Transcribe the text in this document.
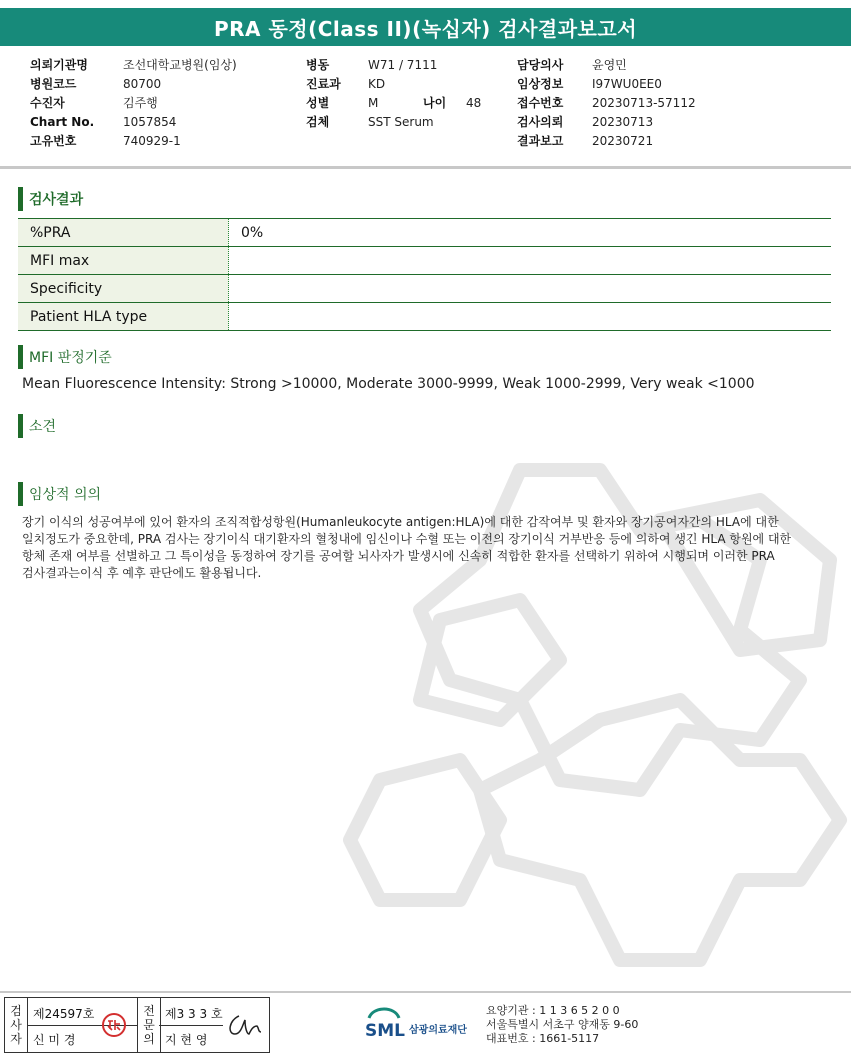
PRA 동정(Class II)(녹십자) 검사결과보고서
의뢰기관명	조선대학교병원(임상)
병원코드	80700
수진자	김주행
Chart No. 1057854
고유번호	740929-1
병동	W71 / 7111
진료과 KD
성별	M	나이 48
검체	SST Serum
담당의사 윤영민
임상정보 I97WU0EE0
접수번호 20230713-57112
검사의뢰 20230713
결과보고 20230721
검사결과
%PRA	0%
MFI max	
Specificity	
Patient HLA type	
MFI 판정기준
Mean Fluorescence Intensity: Strong >10000, Moderate 3000-9999, Weak 1000-2999, Very weak <1000
소견
임상적 의의
장기 이식의 성공여부에 있어 환자의 조직적합성항원(Humanleukocyte antigen:HLA)에 대한 감작여부 및 환자와 장기공여자간의 HLA에 대한
일치정도가 중요한데, PRA 검사는 장기이식 대기환자의 혈청내에 임신이나 수혈 또는 이전의 장기이식 거부반응 등에 의하여 생긴 HLA 항원에 대한
항체 존재 여부를 선별하고 그 특이성을 동정하여 장기를 공여할 뇌사자가 발생시에 신속히 적합한 환자를 선택하기 위하여 시행되며 이러한 PRA
검사결과는이식 후 예후 판단에도 활용됩니다.
검사자
제24597호
신 미 경
전문의
제3 3 3 호
지 현 영	SML 삼광의료재단
요양기관 : 1 1 3 6 5 2 0 0
서울특별시 서초구 양재동 9-60
대표번호 : 1661-5117
